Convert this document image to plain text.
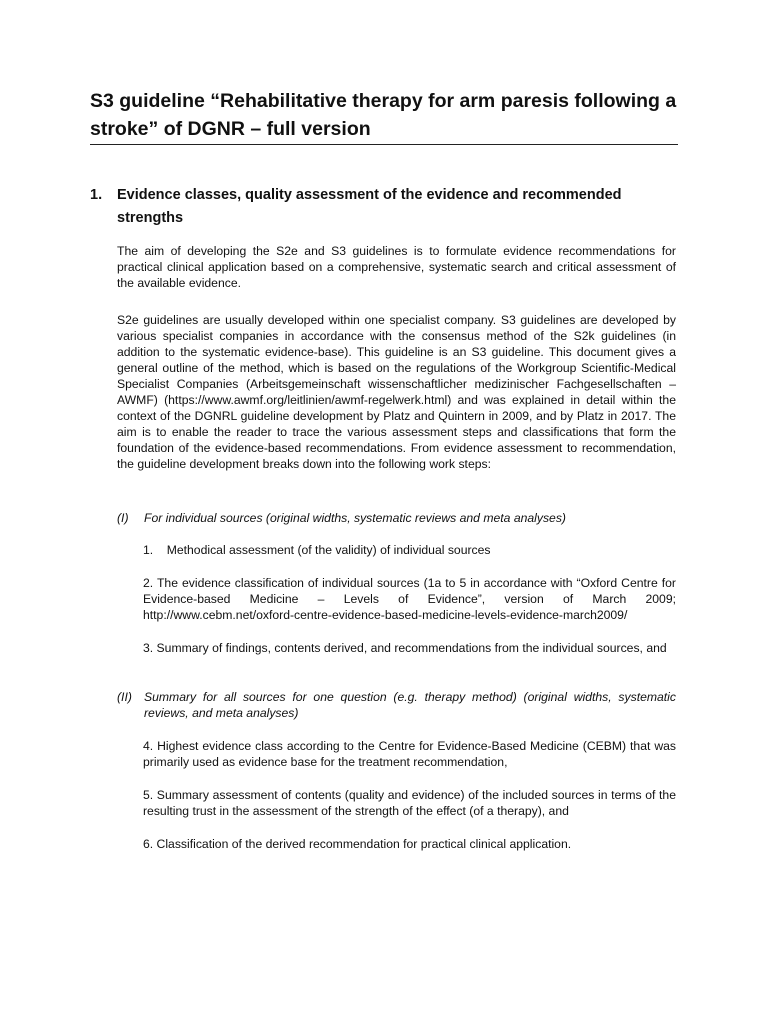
S3 guideline “Rehabilitative therapy for arm paresis following a stroke” of DGNR – full version
1. Evidence classes, quality assessment of the evidence and recommended strengths

The aim of developing the S2e and S3 guidelines is to formulate evidence recommendations for practical clinical application based on a comprehensive, systematic search and critical assessment of the available evidence.

S2e guidelines are usually developed within one specialist company. S3 guidelines are developed by various specialist companies in accordance with the consensus method of the S2k guidelines (in addition to the systematic evidence-base). This guideline is an S3 guideline. This document gives a general outline of the method, which is based on the regulations of the Workgroup Scientific-Medical Specialist Companies (Arbeitsgemeinschaft wissenschaftlicher medizinischer Fachgesellschaften – AWMF) (https://www.awmf.org/leitlinien/awmf-regelwerk.html) and was explained in detail within the context of the DGNRL guideline development by Platz and Quintern in 2009, and by Platz in 2017. The aim is to enable the reader to trace the various assessment steps and classifications that form the foundation of the evidence-based recommendations. From evidence assessment to recommendation, the guideline development breaks down into the following work steps:

(I) For individual sources (original widths, systematic reviews and meta analyses)

1.    Methodical assessment (of the validity) of individual sources

2. The evidence classification of individual sources (1a to 5 in accordance with “Oxford Centre for Evidence-based Medicine – Levels of Evidence”, version of March 2009; http://www.cebm.net/oxford-centre-evidence-based-medicine-levels-evidence-march2009/

3. Summary of findings, contents derived, and recommendations from the individual sources, and

(II) Summary for all sources for one question (e.g. therapy method) (original widths, systematic reviews, and meta analyses)

4. Highest evidence class according to the Centre for Evidence-Based Medicine (CEBM) that was primarily used as evidence base for the treatment recommendation,

5. Summary assessment of contents (quality and evidence) of the included sources in terms of the resulting trust in the assessment of the strength of the effect (of a therapy), and

6. Classification of the derived recommendation for practical clinical application.
